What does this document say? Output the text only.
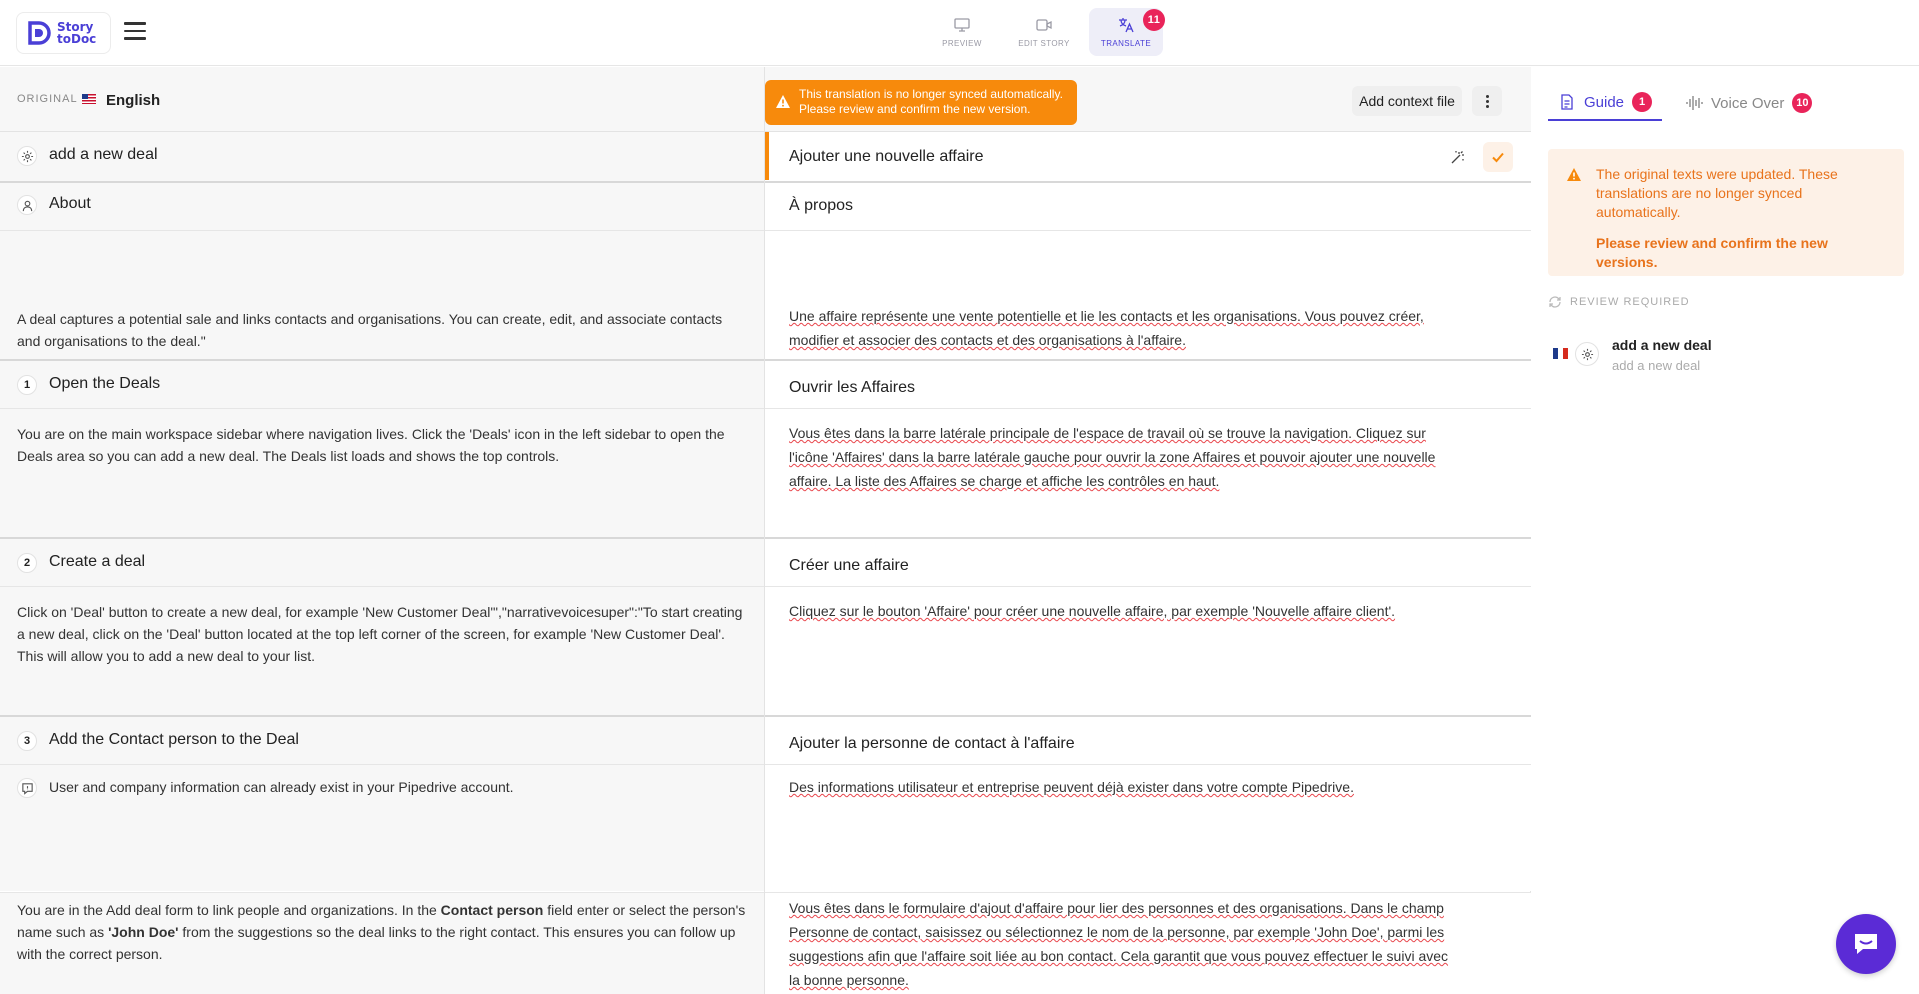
Story
toDoc	PREVIEW	EDIT STORY	TRANSLATE
11
ORIGINAL English	This translation is no longer synced automatically.
Please review and confirm the new version.	Add context file
add a new deal	Ajouter une nouvelle affaire
About	À propos
A deal captures a potential sale and links contacts and organisations. You can create, edit, and associate contacts and organisations to the deal."
Une affaire représente une vente potentielle et lie les contacts et les organisations. Vous pouvez créer, modifier et associer des contacts et des organisations à l'affaire.
1	Open the Deals	Ouvrir les Affaires
You are on the main workspace sidebar where navigation lives. Click the 'Deals' icon in the left sidebar to open the Deals area so you can add a new deal. The Deals list loads and shows the top controls.
Vous êtes dans la barre latérale principale de l'espace de travail où se trouve la navigation. Cliquez sur l'icône 'Affaires' dans la barre latérale gauche pour ouvrir la zone Affaires et pouvoir ajouter une nouvelle affaire. La liste des Affaires se charge et affiche les contrôles en haut.
2	Create a deal	Créer une affaire
Click on 'Deal' button to create a new deal, for example 'New Customer Deal'","narrativevoicesuper":"To start creating a new deal, click on the 'Deal' button located at the top left corner of the screen, for example 'New Customer Deal'. This will allow you to add a new deal to your list.
Cliquez sur le bouton 'Affaire' pour créer une nouvelle affaire, par exemple 'Nouvelle affaire client'.
3	Add the Contact person to the Deal	Ajouter la personne de contact à l'affaire
User and company information can already exist in your Pipedrive account.	Des informations utilisateur et entreprise peuvent déjà exister dans votre compte Pipedrive.
You are in the Add deal form to link people and organizations. In the Contact person field enter or select the person's name such as 'John Doe' from the suggestions so the deal links to the right contact. This ensures you can follow up with the correct person.
Vous êtes dans le formulaire d'ajout d'affaire pour lier des personnes et des organisations. Dans le champ Personne de contact, saisissez ou sélectionnez le nom de la personne, par exemple 'John Doe', parmi les suggestions afin que l'affaire soit liée au bon contact. Cela garantit que vous pouvez effectuer le suivi avec la bonne personne.
Guide	1	Voice Over	10
The original texts were updated. These translations are no longer synced automatically.
Please review and confirm the new versions.
REVIEW REQUIRED
add a new deal
add a new deal
